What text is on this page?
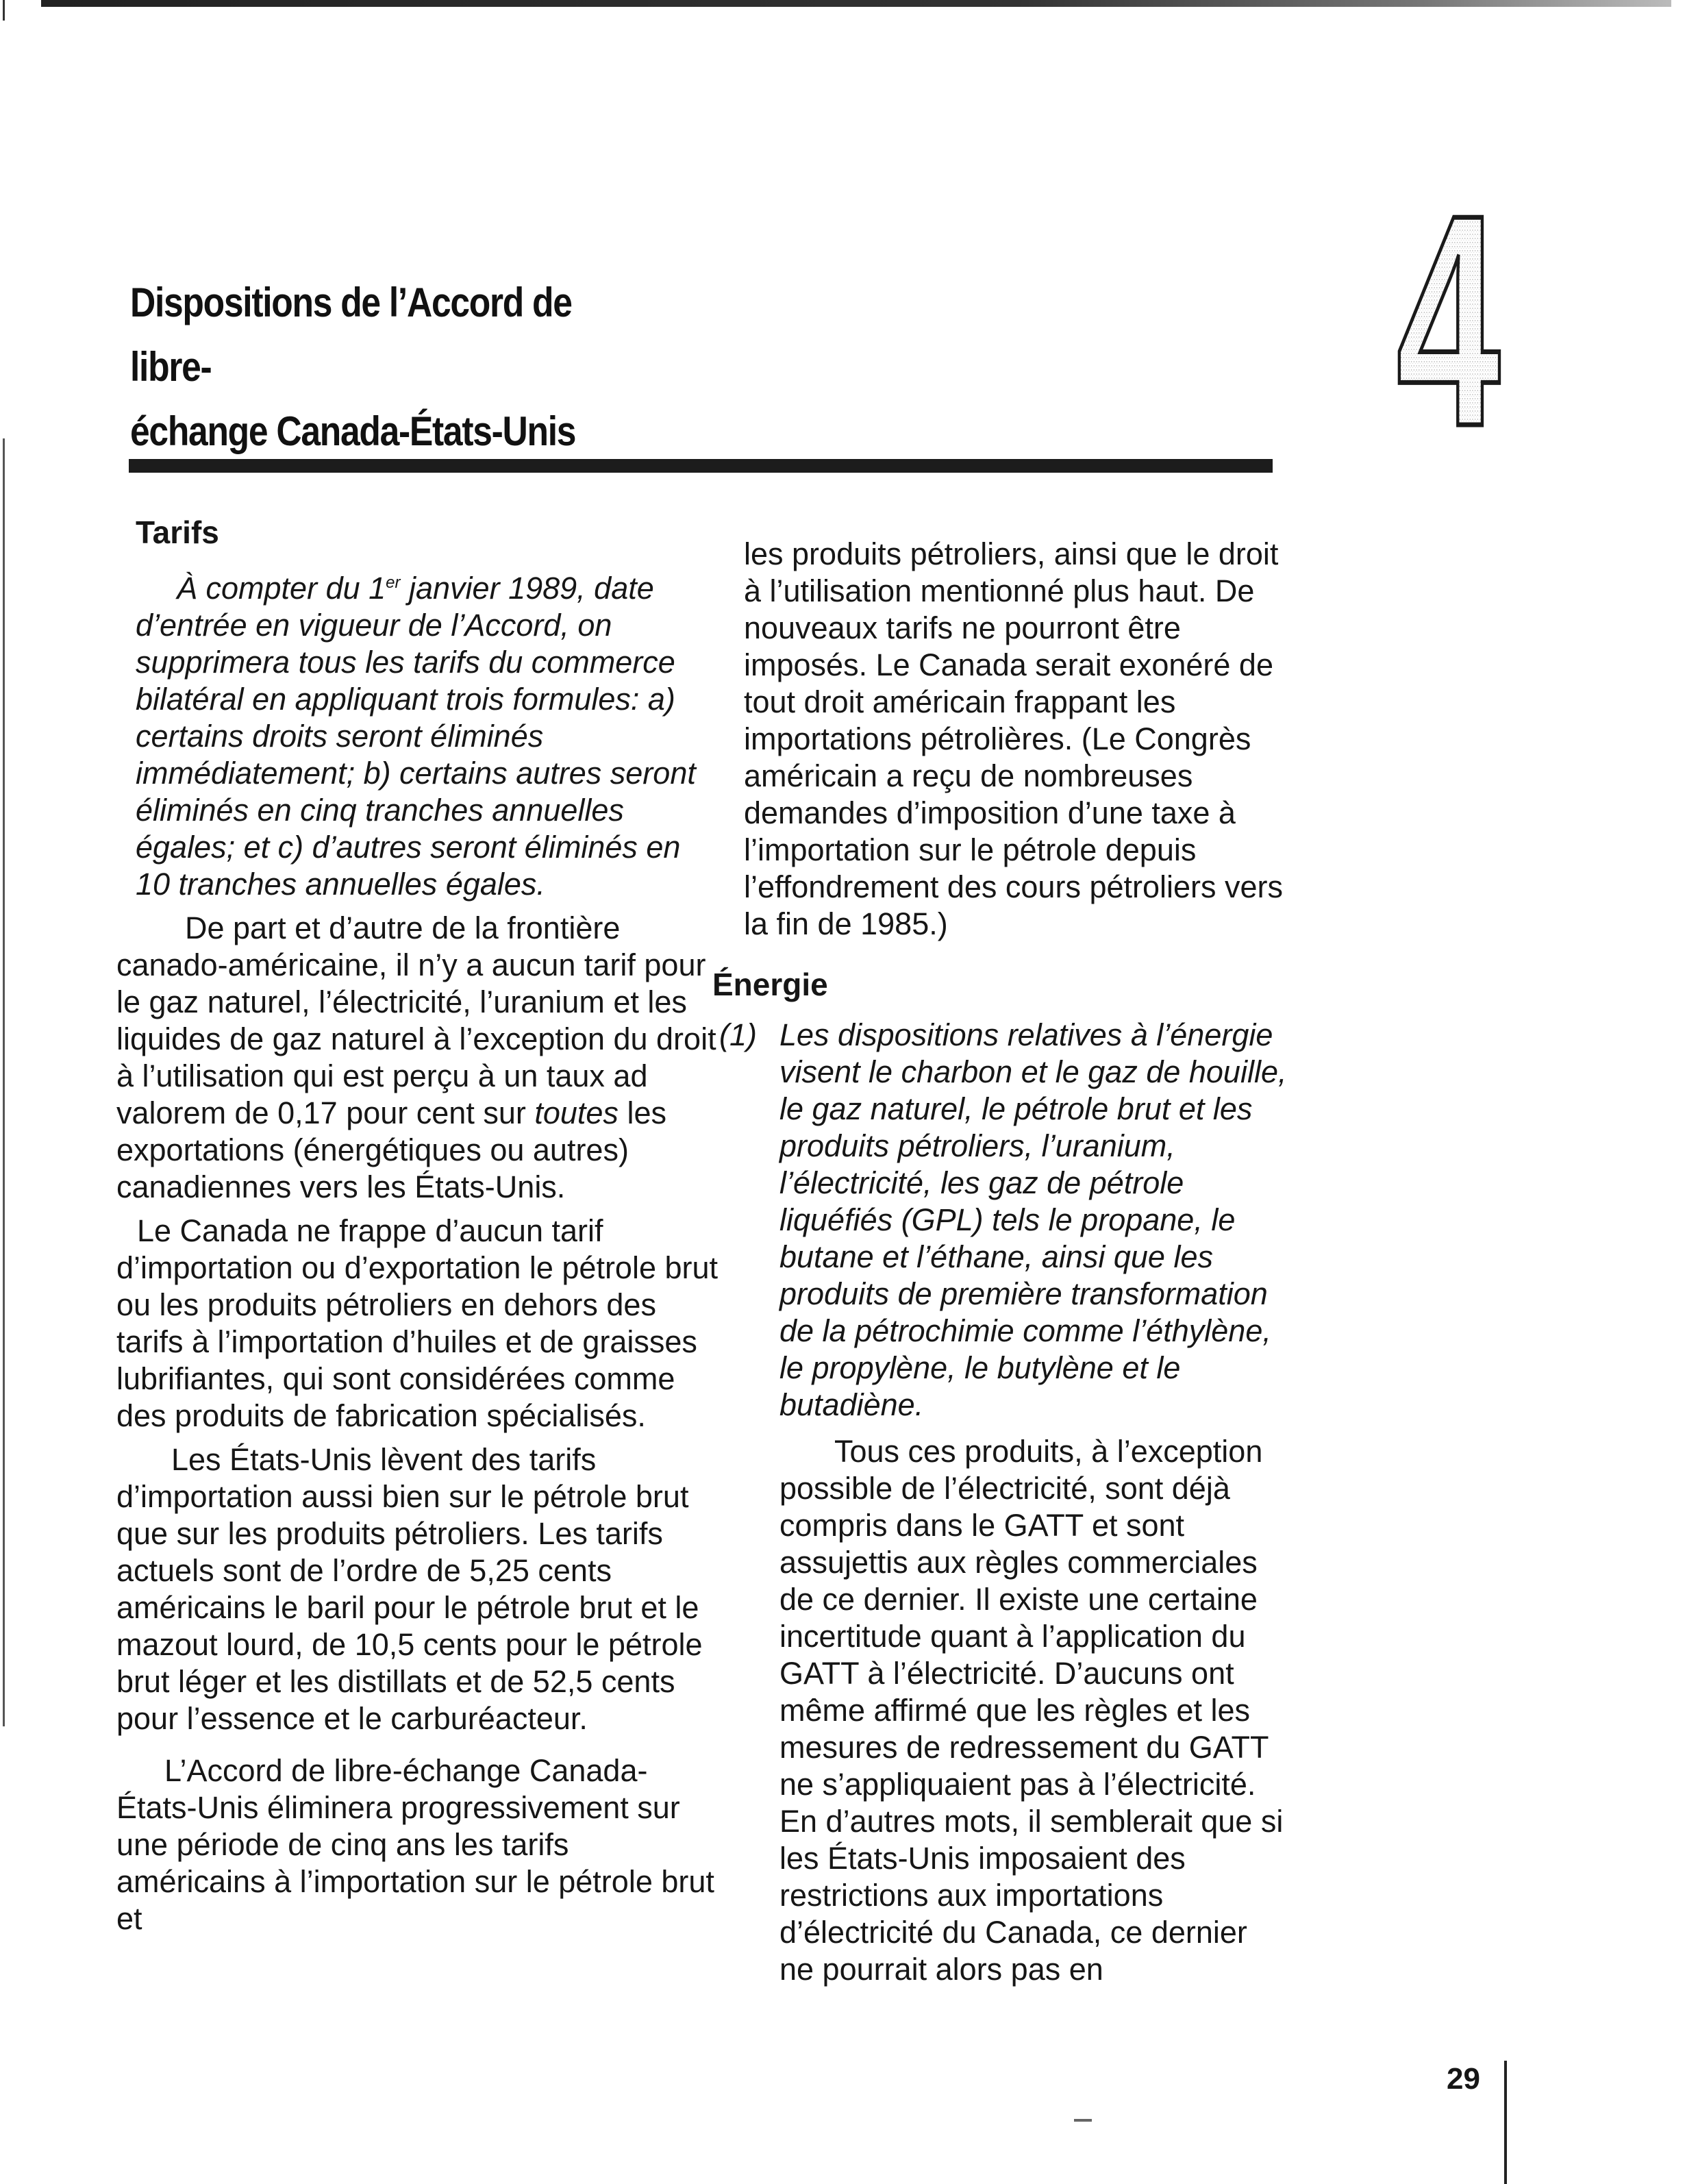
Dispositions de l’Accord de libre-
échange Canada-États-Unis	4

Tarifs

À compter du 1er janvier 1989, date d’entrée en vigueur de l’Accord, on supprimera tous les tarifs du commerce bilatéral en appliquant trois formules: a) certains droits seront éliminés immédiatement; b) certains autres seront éliminés en cinq tranches annuelles égales; et c) d’autres seront éliminés en 10 tranches annuelles égales.

De part et d’autre de la frontière canado-américaine, il n’y a aucun tarif pour le gaz naturel, l’électricité, l’uranium et les liquides de gaz naturel à l’exception du droit à l’utilisation qui est perçu à un taux ad valorem de 0,17 pour cent sur toutes les exportations (énergétiques ou autres) canadiennes vers les États-Unis.

Le Canada ne frappe d’aucun tarif d’importation ou d’exportation le pétrole brut ou les produits pétroliers en dehors des tarifs à l’importation d’huiles et de graisses lubrifiantes, qui sont considérées comme des produits de fabrication spécialisés.

Les États-Unis lèvent des tarifs d’importation aussi bien sur le pétrole brut que sur les produits pétroliers. Les tarifs actuels sont de l’ordre de 5,25 cents américains le baril pour le pétrole brut et le mazout lourd, de 10,5 cents pour le pétrole brut léger et les distillats et de 52,5 cents pour l’essence et le carburéacteur.

L’Accord de libre-échange Canada-États-Unis éliminera progressivement sur une période de cinq ans les tarifs américains à l’importation sur le pétrole brut et

les produits pétroliers, ainsi que le droit à l’utilisation mentionné plus haut. De nouveaux tarifs ne pourront être imposés. Le Canada serait exonéré de tout droit américain frappant les importations pétrolières. (Le Congrès américain a reçu de nombreuses demandes d’imposition d’une taxe à l’importation sur le pétrole depuis l’effondrement des cours pétroliers vers la fin de 1985.)

Énergie

(1) Les dispositions relatives à l’énergie visent le charbon et le gaz de houille, le gaz naturel, le pétrole brut et les produits pétroliers, l’uranium, l’électricité, les gaz de pétrole liquéfiés (GPL) tels le propane, le butane et l’éthane, ainsi que les produits de première transformation de la pétrochimie comme l’éthylène, le propylène, le butylène et le butadiène.

Tous ces produits, à l’exception possible de l’électricité, sont déjà compris dans le GATT et sont assujettis aux règles commerciales de ce dernier. Il existe une certaine incertitude quant à l’application du GATT à l’électricité. D’aucuns ont même affirmé que les règles et les mesures de redressement du GATT ne s’appliquaient pas à l’électricité. En d’autres mots, il semblerait que si les États-Unis imposaient des restrictions aux importations d’électricité du Canada, ce dernier ne pourrait alors pas en

29
